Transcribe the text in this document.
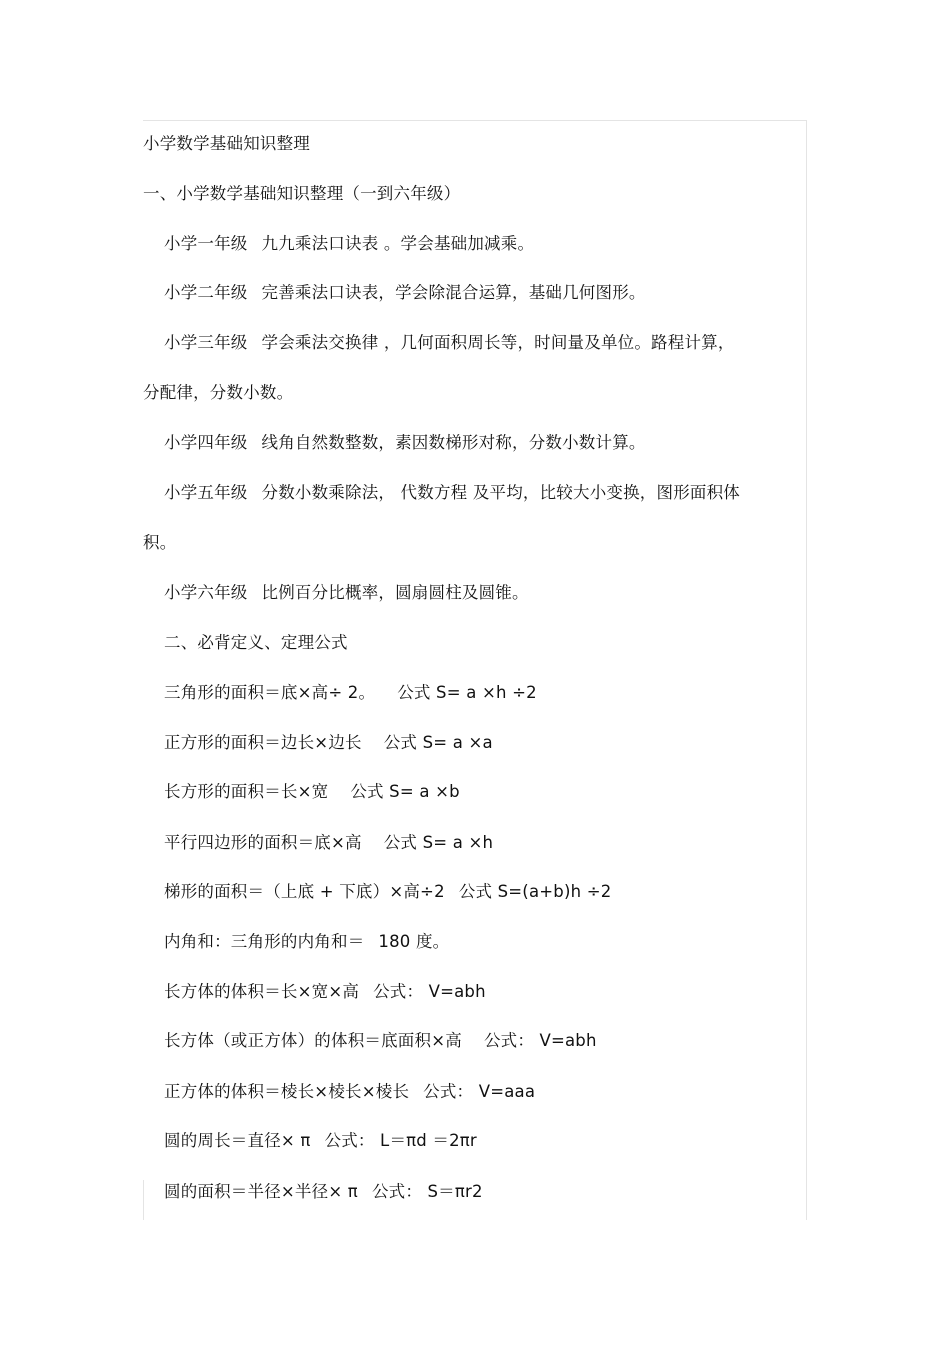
小学数学基础知识整理
一、小学数学基础知识整理（一到六年级）
小学一年级 九九乘法口诀表 。学会基础加减乘。
小学二年级 完善乘法口诀表，学会除混合运算，基础几何图形。
小学三年级 学会乘法交换律 ，几何面积周长等，时间量及单位。路程计算，
分配律，分数小数。
小学四年级 线角自然数整数，素因数梯形对称，分数小数计算。
小学五年级 分数小数乘除法， 代数方程 及平均，比较大小变换，图形面积体
积。
小学六年级 比例百分比概率，圆扇圆柱及圆锥。
二、必背定义、定理公式
三角形的面积＝底×高÷ 2。 公式 S= a ×h ÷2
正方形的面积＝边长×边长 公式 S= a ×a
长方形的面积＝长×宽 公式 S= a ×b
平行四边形的面积＝底×高 公式 S= a ×h
梯形的面积＝（上底 + 下底）×高÷2 公式 S=(a+b)h ÷2
内角和：三角形的内角和＝ 180 度。
长方体的体积＝长×宽×高 公式： V=abh
长方体（或正方体）的体积＝底面积×高 公式： V=abh
正方体的体积＝棱长×棱长×棱长 公式： V=aaa
圆的周长＝直径× π 公式： L＝πd ＝2πr
圆的面积＝半径×半径× π 公式： S＝πr2
